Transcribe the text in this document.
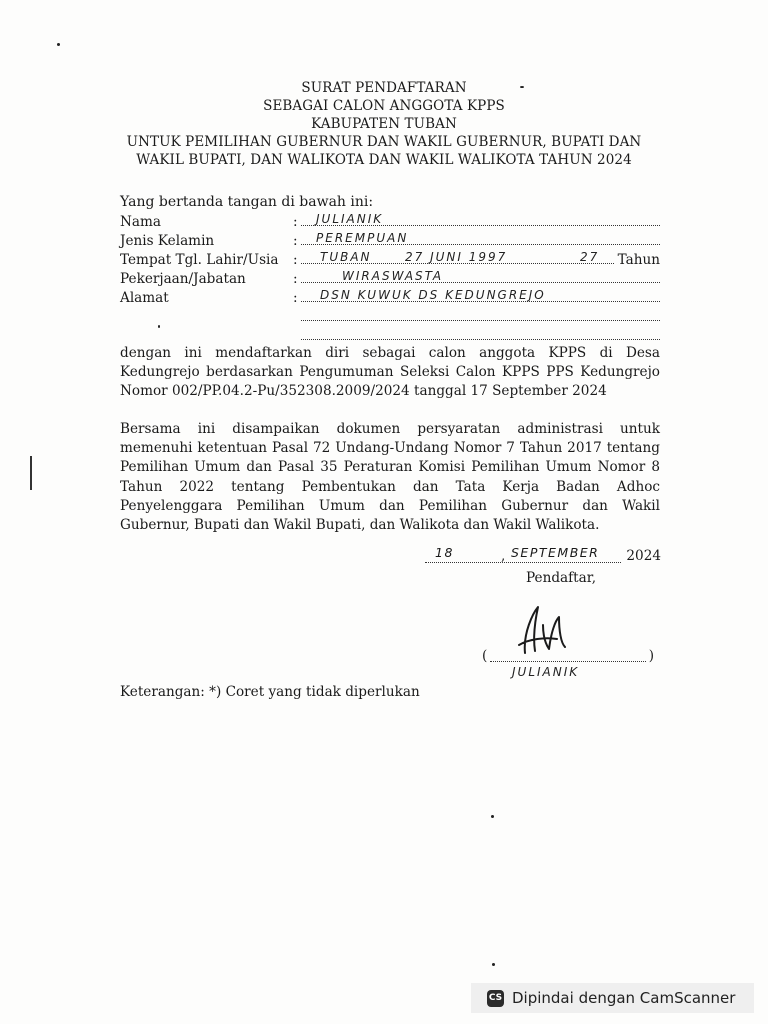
SURAT PENDAFTARAN
SEBAGAI CALON ANGGOTA KPPS
KABUPATEN TUBAN
UNTUK PEMILIHAN GUBERNUR DAN WAKIL GUBERNUR, BUPATI DAN
WAKIL BUPATI, DAN WALIKOTA DAN WAKIL WALIKOTA TAHUN 2024
Yang bertanda tangan di bawah ini:
Nama	: JULIANIK
Jenis Kelamin	: PEREMPUAN
Tempat Tgl. Lahir/Usia : TUBAN	27 JUNI 1997	27 Tahun
Pekerjaan/Jabatan	:	WIRASWASTA
Alamat	: DSN KUWUK DS KEDUNGREJO
dengan ini mendaftarkan diri sebagai calon anggota KPPS di Desa Kedungrejo berdasarkan Pengumuman Seleksi Calon KPPS PPS Kedungrejo Nomor 002/PP.04.2-Pu/352308.2009/2024 tanggal 17 September 2024
Bersama ini disampaikan dokumen persyaratan administrasi untuk memenuhi ketentuan Pasal 72 Undang-Undang Nomor 7 Tahun 2017 tentang Pemilihan Umum dan Pasal 35 Peraturan Komisi Pemilihan Umum Nomor 8 Tahun 2022 tentang Pembentukan dan Tata Kerja Badan Adhoc Penyelenggara Pemilihan Umum dan Pemilihan Gubernur dan Wakil Gubernur, Bupati dan Wakil Bupati, dan Walikota dan Wakil Walikota.
18	, SEPTEMBER 2024
Pendaftar,
(	)
JULIANIK
Keterangan: *) Coret yang tidak diperlukan
CS Dipindai dengan CamScanner
